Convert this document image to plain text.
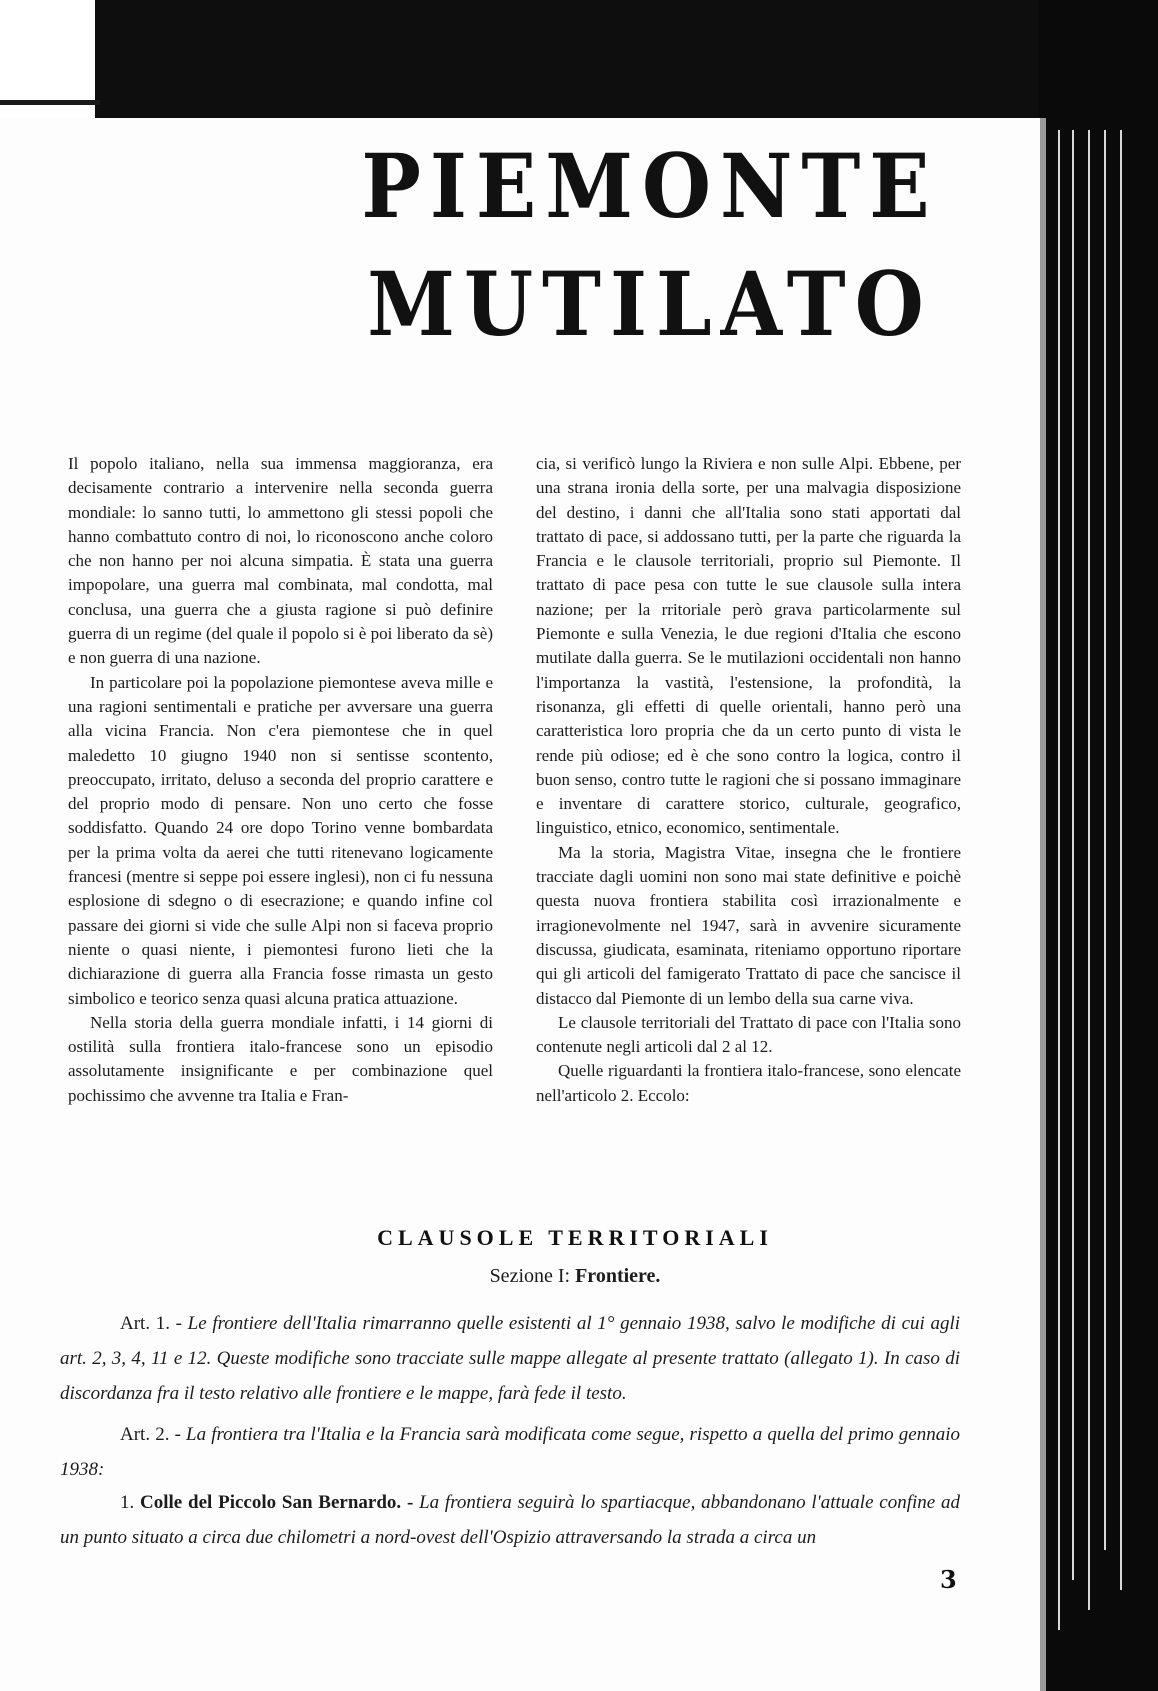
PIEMONTE
MUTILATO

Il popolo italiano, nella sua immensa maggioranza, era decisamente contrario a intervenire nella seconda guerra mondiale: lo sanno tutti, lo ammettono gli stessi popoli che hanno combattuto contro di noi, lo riconoscono anche coloro che non hanno per noi alcuna simpatia. È stata una guerra impopolare, una guerra mal combinata, mal condotta, mal conclusa, una guerra che a giusta ragione si può definire guerra di un regime (del quale il popolo si è poi liberato da sè) e non guerra di una nazione.

In particolare poi la popolazione piemontese aveva mille e una ragioni sentimentali e pratiche per avversare una guerra alla vicina Francia. Non c'era piemontese che in quel maledetto 10 giugno 1940 non si sentisse scontento, preoccupato, irritato, deluso a seconda del proprio carattere e del proprio modo di pensare. Non uno certo che fosse soddisfatto. Quando 24 ore dopo Torino venne bombardata per la prima volta da aerei che tutti ritenevano logicamente francesi (mentre si seppe poi essere inglesi), non ci fu nessuna esplosione di sdegno o di esecrazione; e quando infine col passare dei giorni si vide che sulle Alpi non si faceva proprio niente o quasi niente, i piemontesi furono lieti che la dichiarazione di guerra alla Francia fosse rimasta un gesto simbolico e teorico senza quasi alcuna pratica attuazione.

Nella storia della guerra mondiale infatti, i 14 giorni di ostilità sulla frontiera italo-francese sono un episodio assolutamente insignificante e per combinazione quel pochissimo che avvenne tra Italia e Fran-

cia, si verificò lungo la Riviera e non sulle Alpi. Ebbene, per una strana ironia della sorte, per una malvagia disposizione del destino, i danni che all'Italia sono stati apportati dal trattato di pace, si addossano tutti, per la parte che riguarda la Francia e le clausole territoriali, proprio sul Piemonte. Il trattato di pace pesa con tutte le sue clausole sulla intera nazione; per la rritoriale però grava particolarmente sul Piemonte e sulla Venezia, le due regioni d'Italia che escono mutilate dalla guerra. Se le mutilazioni occidentali non hanno l'importanza la vastità, l'estensione, la profondità, la risonanza, gli effetti di quelle orientali, hanno però una caratteristica loro propria che da un certo punto di vista le rende più odiose; ed è che sono contro la logica, contro il buon senso, contro tutte le ragioni che si possano immaginare e inventare di carattere storico, culturale, geografico, linguistico, etnico, economico, sentimentale.

Ma la storia, Magistra Vitae, insegna che le frontiere tracciate dagli uomini non sono mai state definitive e poichè questa nuova frontiera stabilita così irrazionalmente e irragionevolmente nel 1947, sarà in avvenire sicuramente discussa, giudicata, esaminata, riteniamo opportuno riportare qui gli articoli del famigerato Trattato di pace che sancisce il distacco dal Piemonte di un lembo della sua carne viva.

Le clausole territoriali del Trattato di pace con l'Italia sono contenute negli articoli dal 2 al 12.

Quelle riguardanti la frontiera italo-francese, sono elencate nell'articolo 2. Eccolo:

CLAUSOLE TERRITORIALI
Sezione I: Frontiere.

Art. 1. - Le frontiere dell'Italia rimarranno quelle esistenti al 1° gennaio 1938, salvo le modifiche di cui agli art. 2, 3, 4, 11 e 12. Queste modifiche sono tracciate sulle mappe allegate al presente trattato (allegato 1). In caso di discordanza fra il testo relativo alle frontiere e le mappe, farà fede il testo.

Art. 2. - La frontiera tra l'Italia e la Francia sarà modificata come segue, rispetto a quella del primo gennaio 1938:

1. Colle del Piccolo San Bernardo. - La frontiera seguirà lo spartiacque, abbandonano l'attuale confine ad un punto situato a circa due chilometri a nord-ovest dell'Ospizio attraversando la strada a circa un

3
